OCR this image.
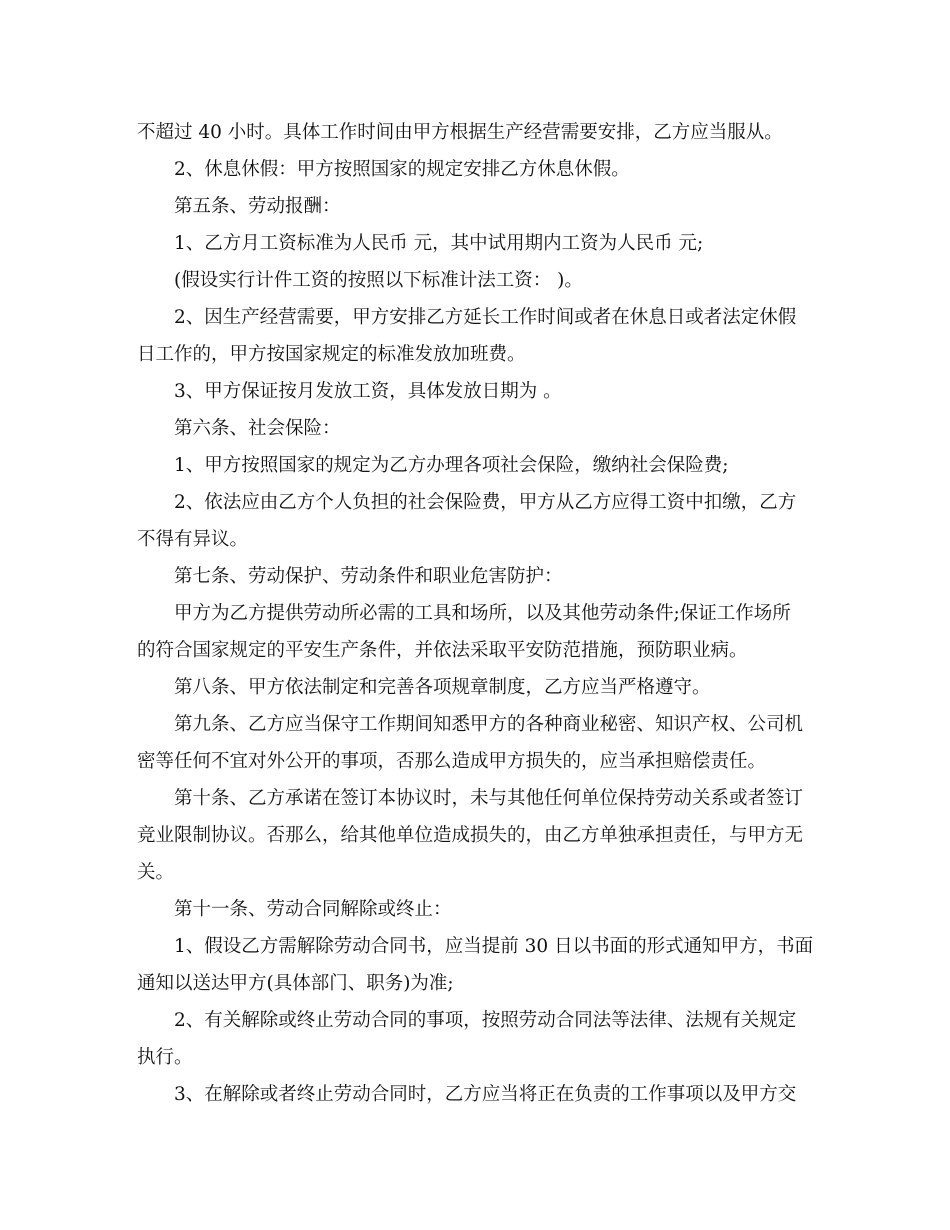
不超过 40 小时。具体工作时间由甲方根据生产经营需要安排，乙方应当服从。
2、休息休假：甲方按照国家的规定安排乙方休息休假。
第五条、劳动报酬：
1、乙方月工资标准为人民币 元，其中试用期内工资为人民币 元;
(假设实行计件工资的按照以下标准计法工资： )。
2、因生产经营需要，甲方安排乙方延长工作时间或者在休息日或者法定休假
日工作的，甲方按国家规定的标准发放加班费。
3、甲方保证按月发放工资，具体发放日期为 。
第六条、社会保险：
1、甲方按照国家的规定为乙方办理各项社会保险，缴纳社会保险费;
2、依法应由乙方个人负担的社会保险费，甲方从乙方应得工资中扣缴，乙方
不得有异议。
第七条、劳动保护、劳动条件和职业危害防护：
甲方为乙方提供劳动所必需的工具和场所，以及其他劳动条件;保证工作场所
的符合国家规定的平安生产条件，并依法采取平安防范措施，预防职业病。
第八条、甲方依法制定和完善各项规章制度，乙方应当严格遵守。
第九条、乙方应当保守工作期间知悉甲方的各种商业秘密、知识产权、公司机
密等任何不宜对外公开的事项，否那么造成甲方损失的，应当承担赔偿责任。
第十条、乙方承诺在签订本协议时，未与其他任何单位保持劳动关系或者签订
竞业限制协议。否那么，给其他单位造成损失的，由乙方单独承担责任，与甲方无
关。
第十一条、劳动合同解除或终止：
1、假设乙方需解除劳动合同书，应当提前 30 日以书面的形式通知甲方，书面
通知以送达甲方(具体部门、职务)为准;
2、有关解除或终止劳动合同的事项，按照劳动合同法等法律、法规有关规定
执行。
3、在解除或者终止劳动合同时，乙方应当将正在负责的工作事项以及甲方交
